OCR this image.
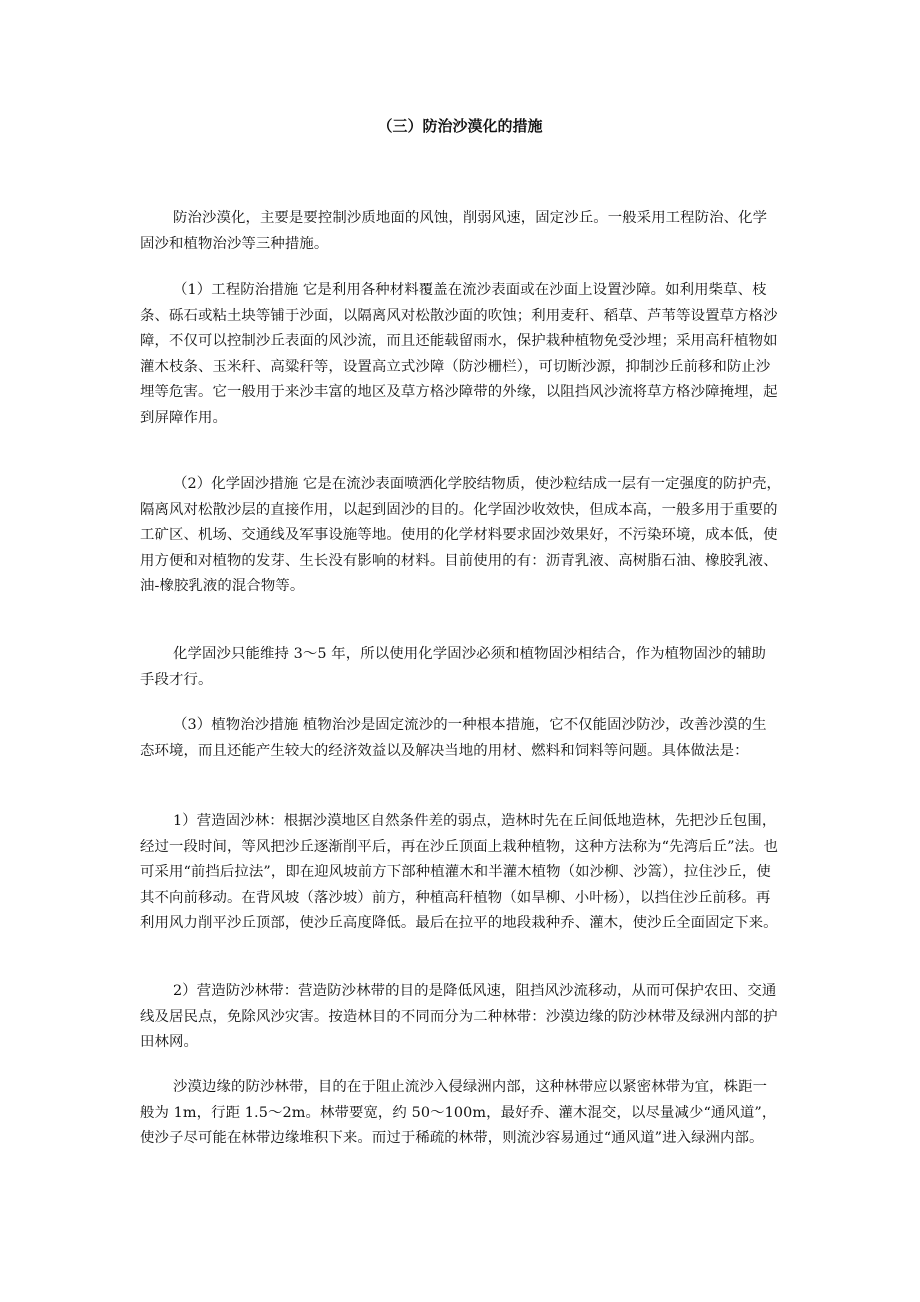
（三）防治沙漠化的措施

防治沙漠化，主要是要控制沙质地面的风蚀，削弱风速，固定沙丘。一般采用工程防治、化学固沙和植物治沙等三种措施。

（1）工程防治措施 它是利用各种材料覆盖在流沙表面或在沙面上设置沙障。如利用柴草、枝条、砾石或粘土块等铺于沙面，以隔离风对松散沙面的吹蚀；利用麦秆、稻草、芦苇等设置草方格沙障，不仅可以控制沙丘表面的风沙流，而且还能载留雨水，保护栽种植物免受沙埋；采用高秆植物如灌木枝条、玉米秆、高粱秆等，设置高立式沙障（防沙栅栏），可切断沙源，抑制沙丘前移和防止沙埋等危害。它一般用于来沙丰富的地区及草方格沙障带的外缘，以阻挡风沙流将草方格沙障掩埋，起到屏障作用。

（2）化学固沙措施 它是在流沙表面喷洒化学胶结物质，使沙粒结成一层有一定强度的防护壳，隔离风对松散沙层的直接作用，以起到固沙的目的。化学固沙收效快，但成本高，一般多用于重要的工矿区、机场、交通线及军事设施等地。使用的化学材料要求固沙效果好，不污染环境，成本低，使用方便和对植物的发芽、生长没有影响的材料。目前使用的有：沥青乳液、高树脂石油、橡胶乳液、油-橡胶乳液的混合物等。

化学固沙只能维持 3～5 年，所以使用化学固沙必须和植物固沙相结合，作为植物固沙的辅助手段才行。

（3）植物治沙措施 植物治沙是固定流沙的一种根本措施，它不仅能固沙防沙，改善沙漠的生态环境，而且还能产生较大的经济效益以及解决当地的用材、燃料和饲料等问题。具体做法是：

1）营造固沙林：根据沙漠地区自然条件差的弱点，造林时先在丘间低地造林，先把沙丘包围，经过一段时间，等风把沙丘逐渐削平后，再在沙丘顶面上栽种植物，这种方法称为“先湾后丘”法。也可采用“前挡后拉法”，即在迎风坡前方下部种植灌木和半灌木植物（如沙柳、沙篙），拉住沙丘，使其不向前移动。在背风坡（落沙坡）前方，种植高秆植物（如旱柳、小叶杨），以挡住沙丘前移。再利用风力削平沙丘顶部，使沙丘高度降低。最后在拉平的地段栽种乔、灌木，使沙丘全面固定下来。

2）营造防沙林带：营造防沙林带的目的是降低风速，阻挡风沙流移动，从而可保护农田、交通线及居民点，免除风沙灾害。按造林目的不同而分为二种林带：沙漠边缘的防沙林带及绿洲内部的护田林网。

沙漠边缘的防沙林带，目的在于阻止流沙入侵绿洲内部，这种林带应以紧密林带为宜，株距一般为 1m，行距 1.5～2m。林带要宽，约 50～100m，最好乔、灌木混交，以尽量减少“通风道”，使沙子尽可能在林带边缘堆积下来。而过于稀疏的林带，则流沙容易通过“通风道”进入绿洲内部。
